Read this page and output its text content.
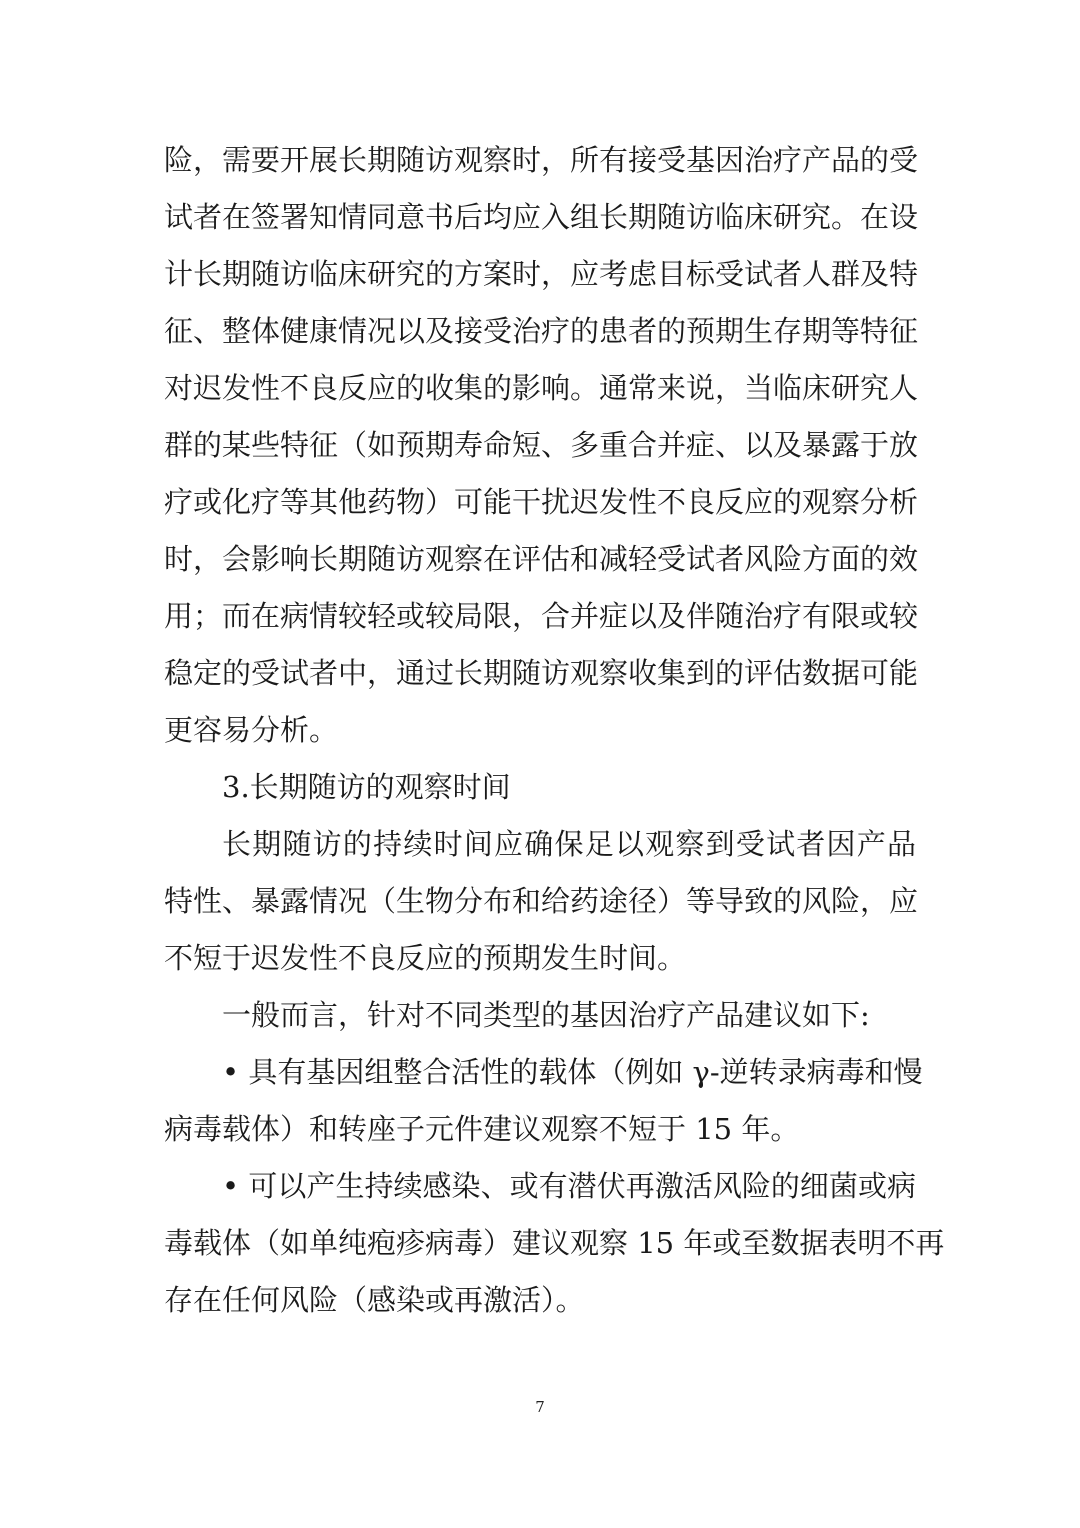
险，需要开展长期随访观察时，所有接受基因治疗产品的受
试者在签署知情同意书后均应入组长期随访临床研究。在设
计长期随访临床研究的方案时，应考虑目标受试者人群及特
征、整体健康情况以及接受治疗的患者的预期生存期等特征
对迟发性不良反应的收集的影响。通常来说，当临床研究人
群的某些特征（如预期寿命短、多重合并症、以及暴露于放
疗或化疗等其他药物）可能干扰迟发性不良反应的观察分析
时，会影响长期随访观察在评估和减轻受试者风险方面的效
用；而在病情较轻或较局限，合并症以及伴随治疗有限或较
稳定的受试者中，通过长期随访观察收集到的评估数据可能
更容易分析。
3.长期随访的观察时间
长期随访的持续时间应确保足以观察到受试者因产品
特性、暴露情况（生物分布和给药途径）等导致的风险，应
不短于迟发性不良反应的预期发生时间。
一般而言，针对不同类型的基因治疗产品建议如下:
• 具有基因组整合活性的载体（例如 γ-逆转录病毒和慢
病毒载体）和转座子元件建议观察不短于 15 年。
• 可以产生持续感染、或有潜伏再激活风险的细菌或病
毒载体（如单纯疱疹病毒）建议观察 15 年或至数据表明不再
存在任何风险（感染或再激活）。
7
